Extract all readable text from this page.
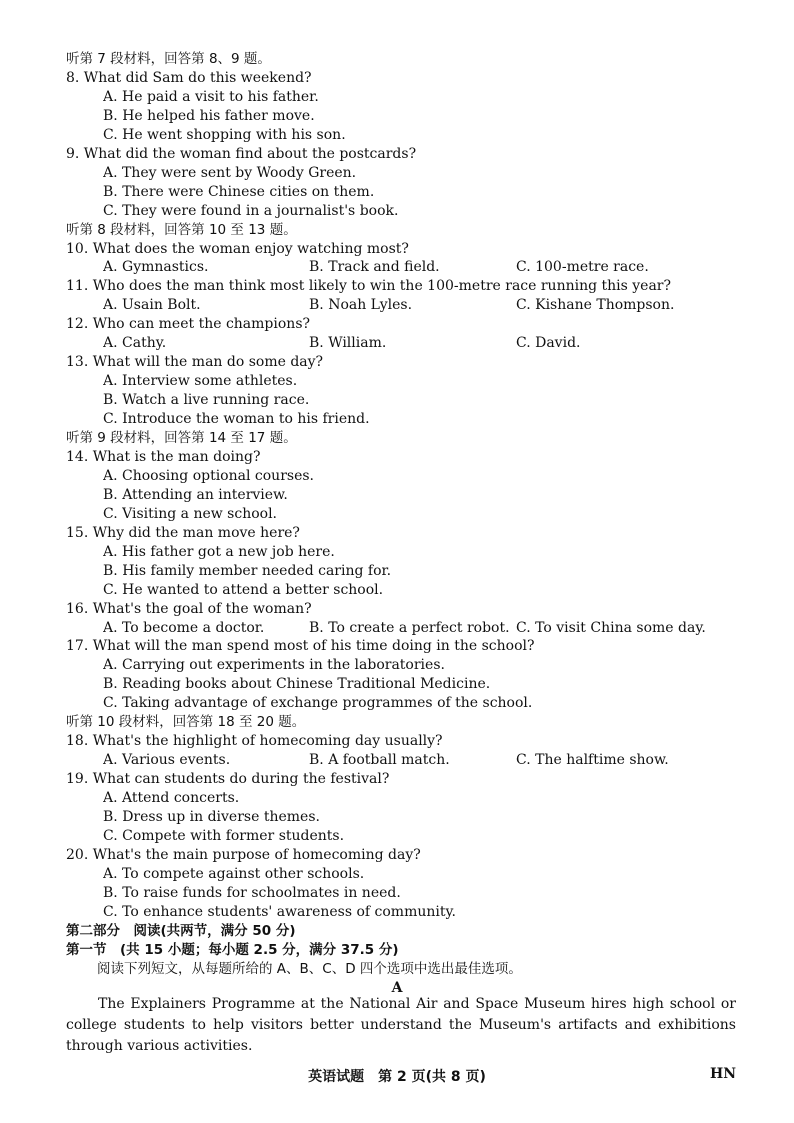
听第 7 段材料，回答第 8、9 题。
8. What did Sam do this weekend?
A. He paid a visit to his father.
B. He helped his father move.
C. He went shopping with his son.
9. What did the woman find about the postcards?
A. They were sent by Woody Green.
B. There were Chinese cities on them.
C. They were found in a journalist's book.
听第 8 段材料，回答第 10 至 13 题。
10. What does the woman enjoy watching most?
A. Gymnastics.	B. Track and field.	C. 100-metre race.
11. Who does the man think most likely to win the 100-metre race running this year?
A. Usain Bolt.	B. Noah Lyles.	C. Kishane Thompson.
12. Who can meet the champions?
A. Cathy.	B. William.	C. David.
13. What will the man do some day?
A. Interview some athletes.
B. Watch a live running race.
C. Introduce the woman to his friend.
听第 9 段材料，回答第 14 至 17 题。
14. What is the man doing?
A. Choosing optional courses.
B. Attending an interview.
C. Visiting a new school.
15. Why did the man move here?
A. His father got a new job here.
B. His family member needed caring for.
C. He wanted to attend a better school.
16. What's the goal of the woman?
A. To become a doctor.	B. To create a perfect robot. C. To visit China some day.
17. What will the man spend most of his time doing in the school?
A. Carrying out experiments in the laboratories.
B. Reading books about Chinese Traditional Medicine.
C. Taking advantage of exchange programmes of the school.
听第 10 段材料，回答第 18 至 20 题。
18. What's the highlight of homecoming day usually?
A. Various events.	B. A football match.	C. The halftime show.
19. What can students do during the festival?
A. Attend concerts.
B. Dress up in diverse themes.
C. Compete with former students.
20. What's the main purpose of homecoming day?
A. To compete against other schools.
B. To raise funds for schoolmates in need.
C. To enhance students' awareness of community.
第二部分　阅读(共两节，满分 50 分)
第一节　(共 15 小题；每小题 2.5 分，满分 37.5 分)
阅读下列短文，从每题所给的 A、B、C、D 四个选项中选出最佳选项。
A
The Explainers Programme at the National Air and Space Museum hires high school or college students to help visitors better understand the Museum's artifacts and exhibitions through various activities.
英语试题　第 2 页(共 8 页)	HN
